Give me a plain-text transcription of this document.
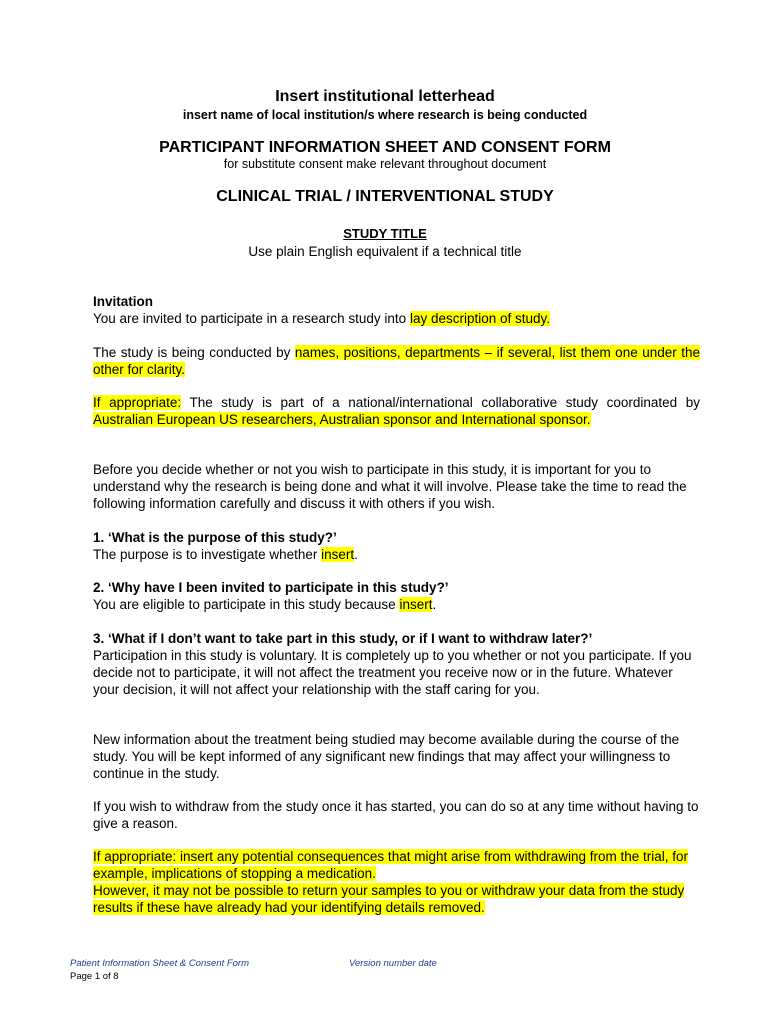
Insert institutional letterhead
insert name of local institution/s where research is being conducted
PARTICIPANT INFORMATION SHEET AND CONSENT FORM
for substitute consent make relevant throughout document
CLINICAL TRIAL / INTERVENTIONAL STUDY
STUDY TITLE
Use plain English equivalent if a technical title

Invitation

You are invited to participate in a research study into lay description of study.

The study is being conducted by names, positions, departments – if several, list them one under the other for clarity.

If appropriate: The study is part of a national/international collaborative study coordinated by Australian European US researchers, Australian sponsor and International sponsor.

Before you decide whether or not you wish to participate in this study, it is important for you to understand why the research is being done and what it will involve. Please take the time to read the following information carefully and discuss it with others if you wish.

1. ‘What is the purpose of this study?’

The purpose is to investigate whether insert.

2. ‘Why have I been invited to participate in this study?’

You are eligible to participate in this study because insert.

3. ‘What if I don’t want to take part in this study, or if I want to withdraw later?’

Participation in this study is voluntary. It is completely up to you whether or not you participate. If you decide not to participate, it will not affect the treatment you receive now or in the future. Whatever your decision, it will not affect your relationship with the staff caring for you.

New information about the treatment being studied may become available during the course of the study. You will be kept informed of any significant new findings that may affect your willingness to continue in the study.

If you wish to withdraw from the study once it has started, you can do so at any time without having to give a reason.

If appropriate: insert any potential consequences that might arise from withdrawing from the trial, for example, implications of stopping a medication.

However, it may not be possible to return your samples to you or withdraw your data from the study results if these have already had your identifying details removed.

Patient Information Sheet & Consent Form	Version number date
Page 1 of 8
